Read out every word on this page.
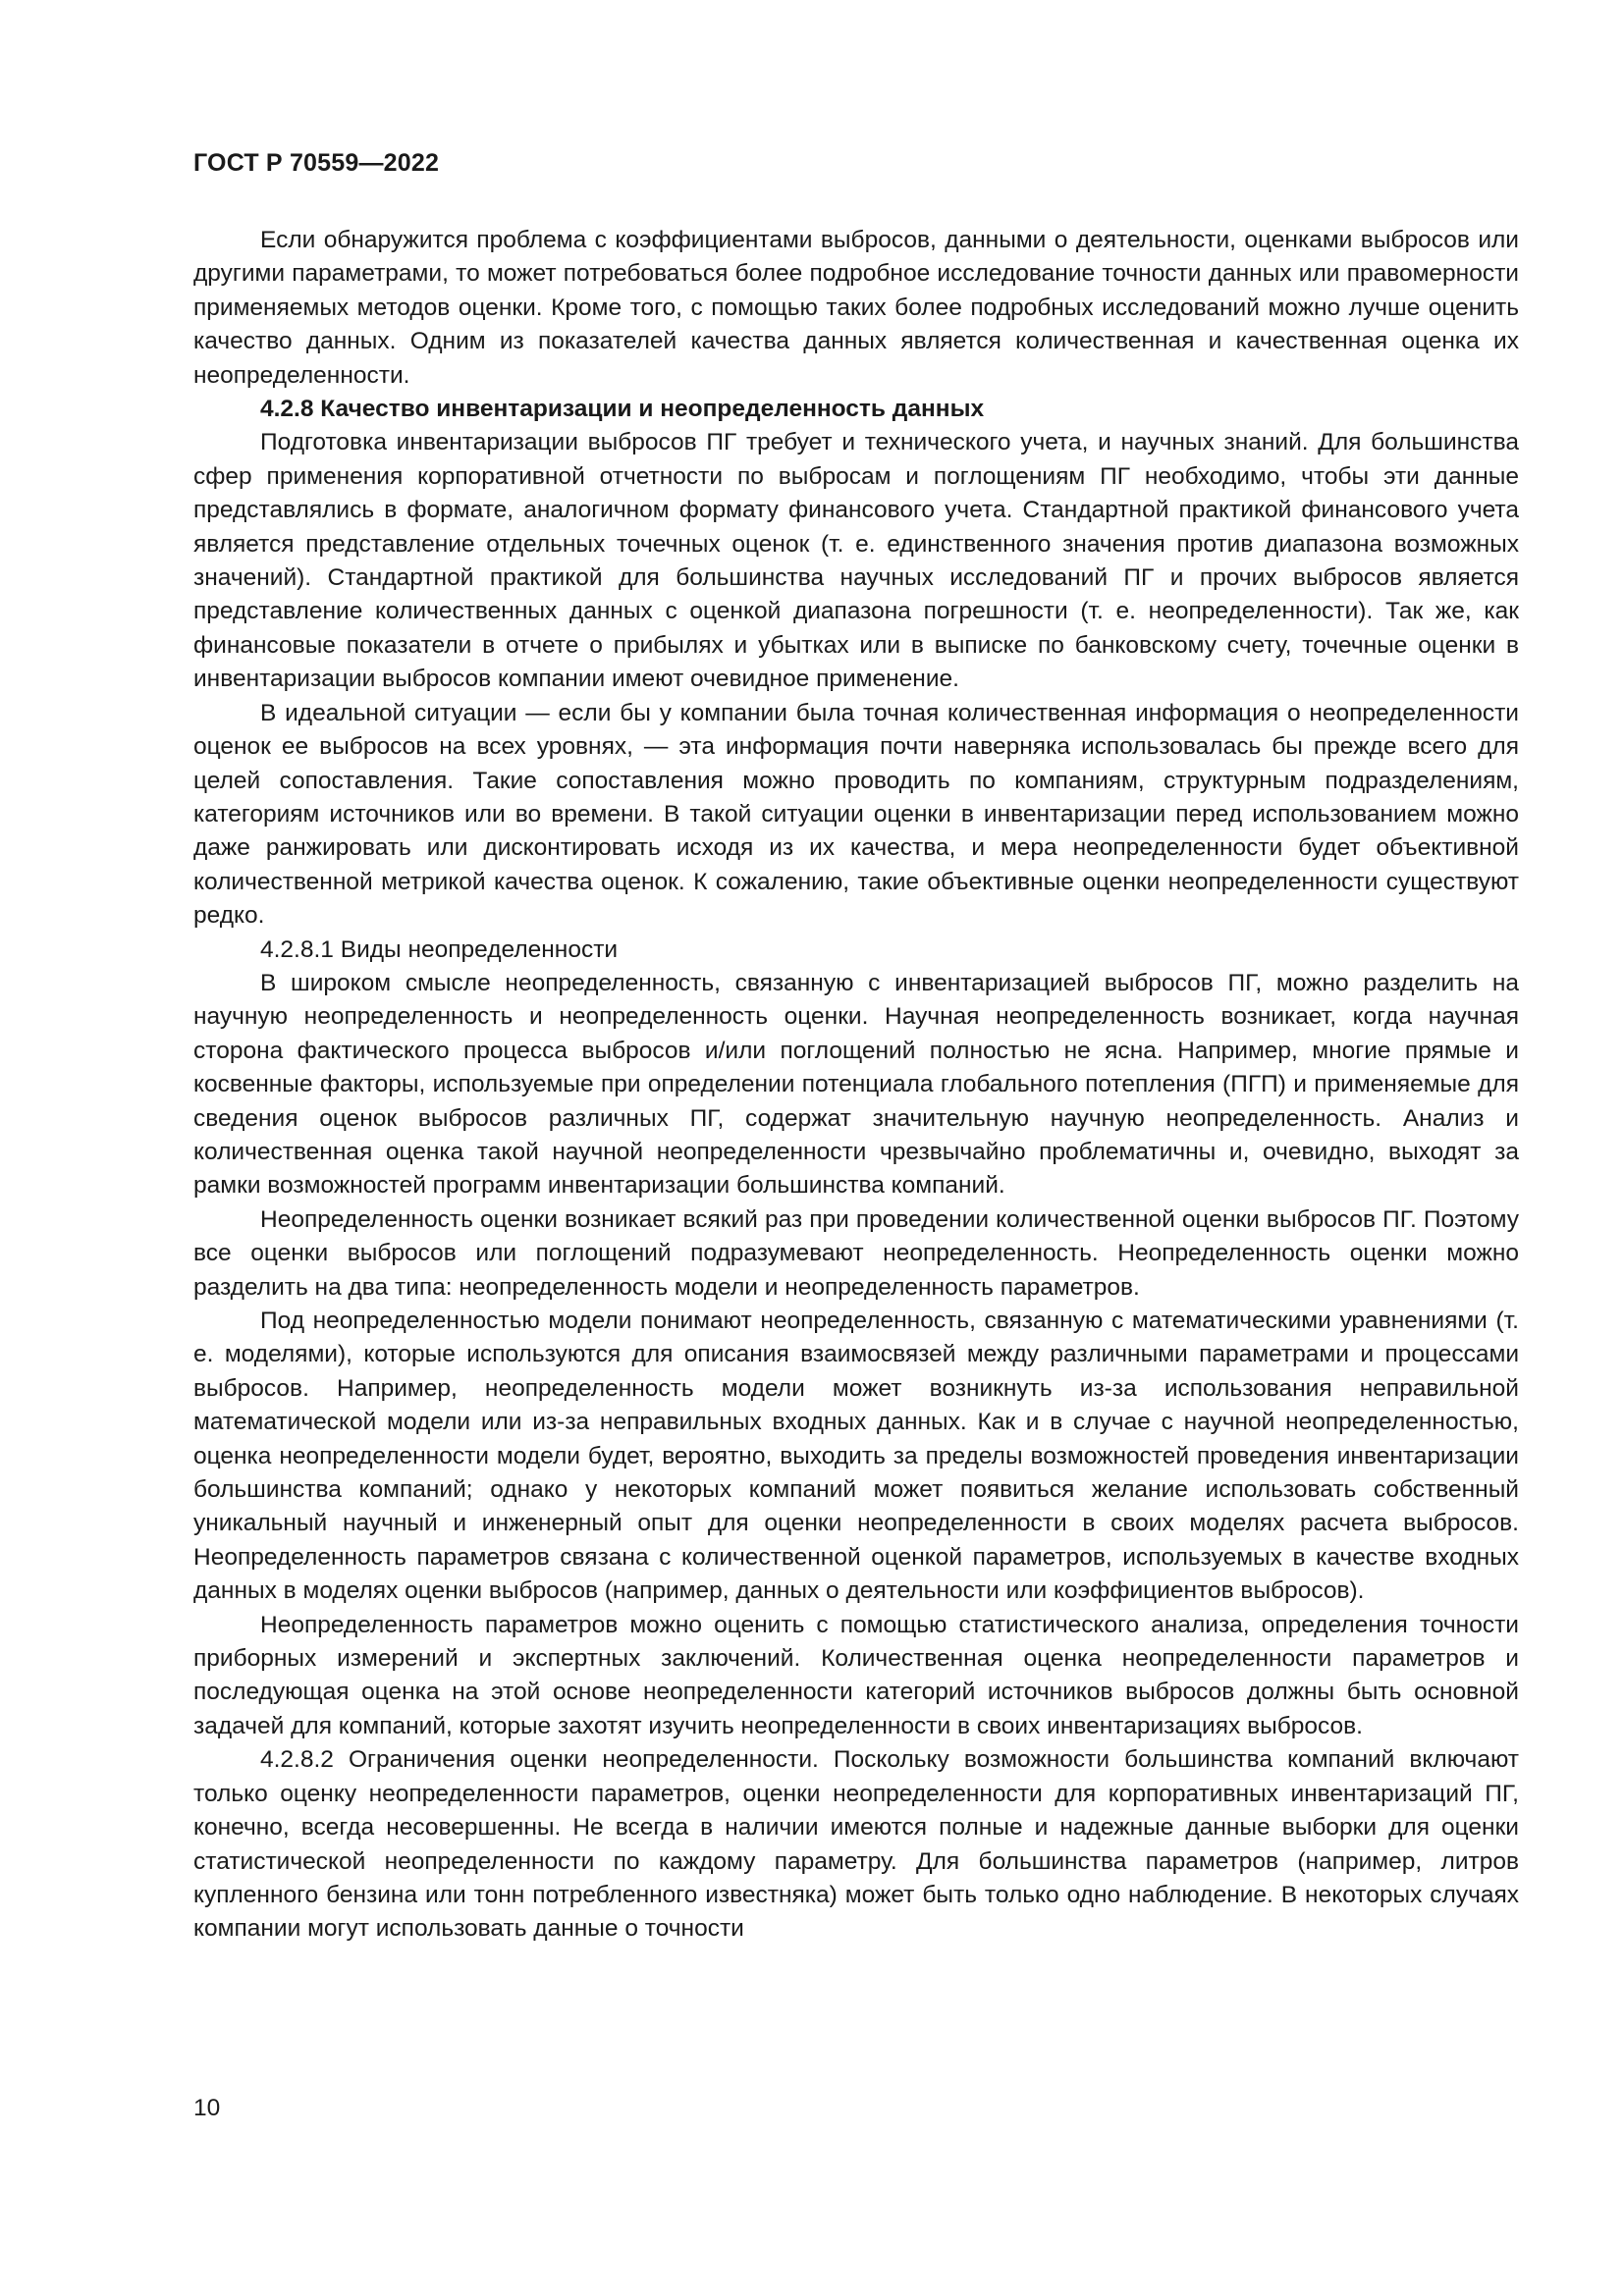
ГОСТ Р 70559—2022

Если обнаружится проблема с коэффициентами выбросов, данными о деятельности, оценками выбросов или другими параметрами, то может потребоваться более подробное исследование точности данных или правомерности применяемых методов оценки. Кроме того, с помощью таких более подробных исследований можно лучше оценить качество данных. Одним из показателей качества данных является количественная и качественная оценка их неопределенности.

4.2.8 Качество инвентаризации и неопределенность данных

Подготовка инвентаризации выбросов ПГ требует и технического учета, и научных знаний. Для большинства сфер применения корпоративной отчетности по выбросам и поглощениям ПГ необходимо, чтобы эти данные представлялись в формате, аналогичном формату финансового учета. Стандартной практикой финансового учета является представление отдельных точечных оценок (т. е. единственного значения против диапазона возможных значений). Стандартной практикой для большинства научных исследований ПГ и прочих выбросов является представление количественных данных с оценкой диапазона погрешности (т. е. неопределенности). Так же, как финансовые показатели в отчете о прибылях и убытках или в выписке по банковскому счету, точечные оценки в инвентаризации выбросов компании имеют очевидное применение.

В идеальной ситуации — если бы у компании была точная количественная информация о неопределенности оценок ее выбросов на всех уровнях, — эта информация почти наверняка использовалась бы прежде всего для целей сопоставления. Такие сопоставления можно проводить по компаниям, структурным подразделениям, категориям источников или во времени. В такой ситуации оценки в инвентаризации перед использованием можно даже ранжировать или дисконтировать исходя из их качества, и мера неопределенности будет объективной количественной метрикой качества оценок. К сожалению, такие объективные оценки неопределенности существуют редко.

4.2.8.1 Виды неопределенности

В широком смысле неопределенность, связанную с инвентаризацией выбросов ПГ, можно разделить на научную неопределенность и неопределенность оценки. Научная неопределенность возникает, когда научная сторона фактического процесса выбросов и/или поглощений полностью не ясна. Например, многие прямые и косвенные факторы, используемые при определении потенциала глобального потепления (ПГП) и применяемые для сведения оценок выбросов различных ПГ, содержат значительную научную неопределенность. Анализ и количественная оценка такой научной неопределенности чрезвычайно проблематичны и, очевидно, выходят за рамки возможностей программ инвентаризации большинства компаний.

Неопределенность оценки возникает всякий раз при проведении количественной оценки выбросов ПГ. Поэтому все оценки выбросов или поглощений подразумевают неопределенность. Неопределенность оценки можно разделить на два типа: неопределенность модели и неопределенность параметров.

Под неопределенностью модели понимают неопределенность, связанную с математическими уравнениями (т. е. моделями), которые используются для описания взаимосвязей между различными параметрами и процессами выбросов. Например, неопределенность модели может возникнуть из-за использования неправильной математической модели или из-за неправильных входных данных. Как и в случае с научной неопределенностью, оценка неопределенности модели будет, вероятно, выходить за пределы возможностей проведения инвентаризации большинства компаний; однако у некоторых компаний может появиться желание использовать собственный уникальный научный и инженерный опыт для оценки неопределенности в своих моделях расчета выбросов. Неопределенность параметров связана с количественной оценкой параметров, используемых в качестве входных данных в моделях оценки выбросов (например, данных о деятельности или коэффициентов выбросов).

Неопределенность параметров можно оценить с помощью статистического анализа, определения точности приборных измерений и экспертных заключений. Количественная оценка неопределенности параметров и последующая оценка на этой основе неопределенности категорий источников выбросов должны быть основной задачей для компаний, которые захотят изучить неопределенности в своих инвентаризациях выбросов.

4.2.8.2 Ограничения оценки неопределенности. Поскольку возможности большинства компаний включают только оценку неопределенности параметров, оценки неопределенности для корпоративных инвентаризаций ПГ, конечно, всегда несовершенны. Не всегда в наличии имеются полные и надежные данные выборки для оценки статистической неопределенности по каждому параметру. Для большинства параметров (например, литров купленного бензина или тонн потребленного известняка) может быть только одно наблюдение. В некоторых случаях компании могут использовать данные о точности

10
